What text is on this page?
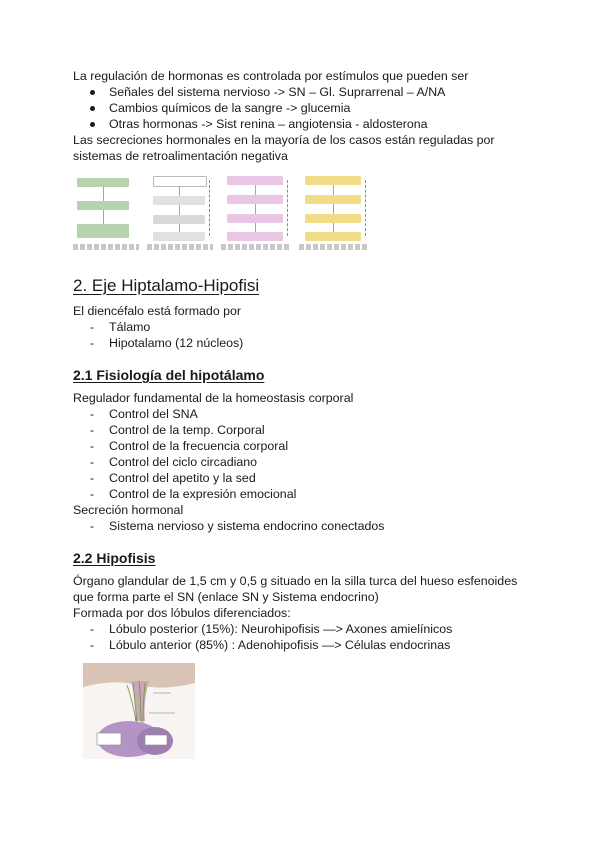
La regulación de hormonas es controlada por estímulos que pueden ser

Señales del sistema nervioso -> SN – Gl. Suprarrenal – A/NA
Cambios químicos de la sangre -> glucemia
Otras hormonas -> Sist renina – angiotensia - aldosterona

Las secreciones hormonales en la mayoría de los casos están reguladas por sistemas de retroalimentación negativa

2. Eje Hiptalamo-Hipofisi

El diencéfalo está formado por

- Tálamo
- Hipotalamo (12 núcleos)
2.1 Fisiología del hipotálamo

Regulador fundamental de la homeostasis corporal

- Control del SNA
- Control de la temp. Corporal
- Control de la frecuencia corporal
- Control del ciclo circadiano
- Control del apetito y la sed
- Control de la expresión emocional

Secreción hormonal

- Sistema nervioso y sistema endocrino conectados
2.2 Hipofisis

Órgano glandular de 1,5 cm y 0,5 g situado en la silla turca del hueso esfenoides que forma parte el SN (enlace SN y Sistema endocrino)

Formada por dos lóbulos diferenciados:

- Lóbulo posterior (15%): Neurohipofisis —> Axones amielínicos
- Lóbulo anterior (85%) : Adenohipofisis —> Células endocrinas
